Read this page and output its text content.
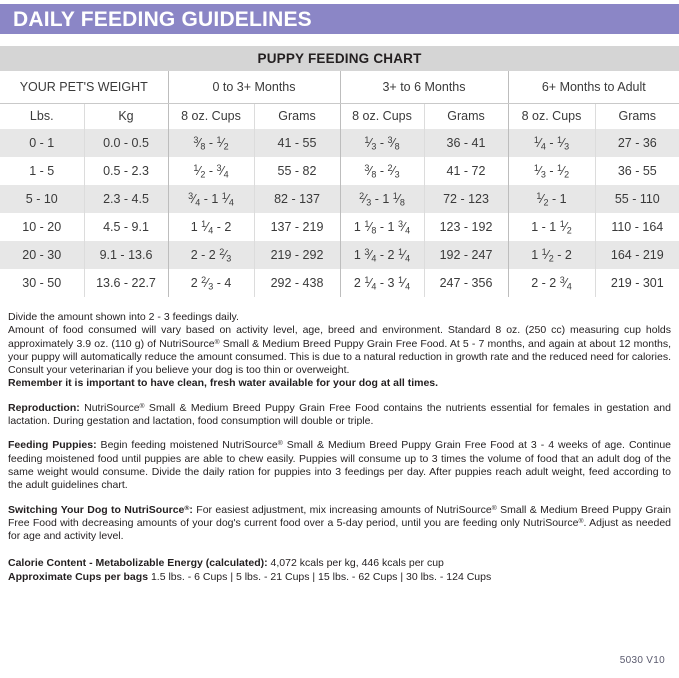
DAILY FEEDING GUIDELINES
PUPPY FEEDING CHART							
YOUR PET'S WEIGHT		0 to 3+ Months		3+ to 6 Months		6+ Months to Adult	
Lbs.	Kg	8 oz. Cups	Grams	8 oz. Cups	Grams	8 oz. Cups	Grams
0 - 1	0.0 - 0.5	$^3⁄_8$ - $^1⁄_2$	41 - 55	$^1⁄_3$ - $^3⁄_8$	36 - 41	$^1⁄_4$ - $^1⁄_3$	27 - 36
1 - 5	0.5 - 2.3	$^1⁄_2$ - $^3⁄_4$	55 - 82	$^3⁄_8$ - $^2⁄_3$	41 - 72	$^1⁄_3$ - $^1⁄_2$	36 - 55
5 - 10	2.3 - 4.5	$^3⁄_4 - 1$ $^1⁄_4$	82 - 137	$^2⁄_3 - 1$ $^1⁄_8$	72 - 123	$^1⁄_2 - 1$	55 - 110
10 - 20	4.5 - 9.1	1 $^1⁄_4 - 2$	137 - 219	1 $^1⁄_8 - 1$ $^3⁄_4$	123 - 192	1 - 1 $^1⁄_2$	110 - 164
20 - 30	9.1 - 13.6	2 - 2 $^2⁄_3$	219 - 292	1 $^3⁄_4 - 2$ $^1⁄_4$	192 - 247	1 $^1⁄_2 - 2$	164 - 219
30 - 50	13.6 - 22.7	2 $^2⁄_3 - 4$	292 - 438	2 $^1⁄_4 - 3$ $^1⁄_4$	247 - 356	2 - 2 $^3⁄_4$	219 - 301

Divide the amount shown into 2 - 3 feedings daily.

Amount of food consumed will vary based on activity level, age, breed and environment. Standard 8 oz. (250 cc) measuring cup holds approximately 3.9 oz. (110 g) of NutriSource® Small & Medium Breed Puppy Grain Free Food. At 5 - 7 months, and again at about 12 months, your puppy will automatically reduce the amount consumed. This is due to a natural reduction in growth rate and the reduced need for calories. Consult your veterinarian if you believe your dog is too thin or overweight.

Remember it is important to have clean, fresh water available for your dog at all times.

Reproduction: NutriSource® Small & Medium Breed Puppy Grain Free Food contains the nutrients essential for females in gestation and lactation. During gestation and lactation, food consumption will double or triple.

Feeding Puppies: Begin feeding moistened NutriSource® Small & Medium Breed Puppy Grain Free Food at 3 - 4 weeks of age. Continue feeding moistened food until puppies are able to chew easily. Puppies will consume up to 3 times the volume of food that an adult dog of the same weight would consume. Divide the daily ration for puppies into 3 feedings per day. After puppies reach adult weight, feed according to the adult guidelines chart.

Switching Your Dog to NutriSource®: For easiest adjustment, mix increasing amounts of NutriSource® Small & Medium Breed Puppy Grain Free Food with decreasing amounts of your dog's current food over a 5-day period, until you are feeding only NutriSource®. Adjust as needed for age and activity level.

Calorie Content - Metabolizable Energy (calculated): 4,072 kcals per kg, 446 kcals per cup
Approximate Cups per bags 1.5 lbs. - 6 Cups | 5 lbs. - 21 Cups | 15 lbs. - 62 Cups | 30 lbs. - 124 Cups
5030 V10
